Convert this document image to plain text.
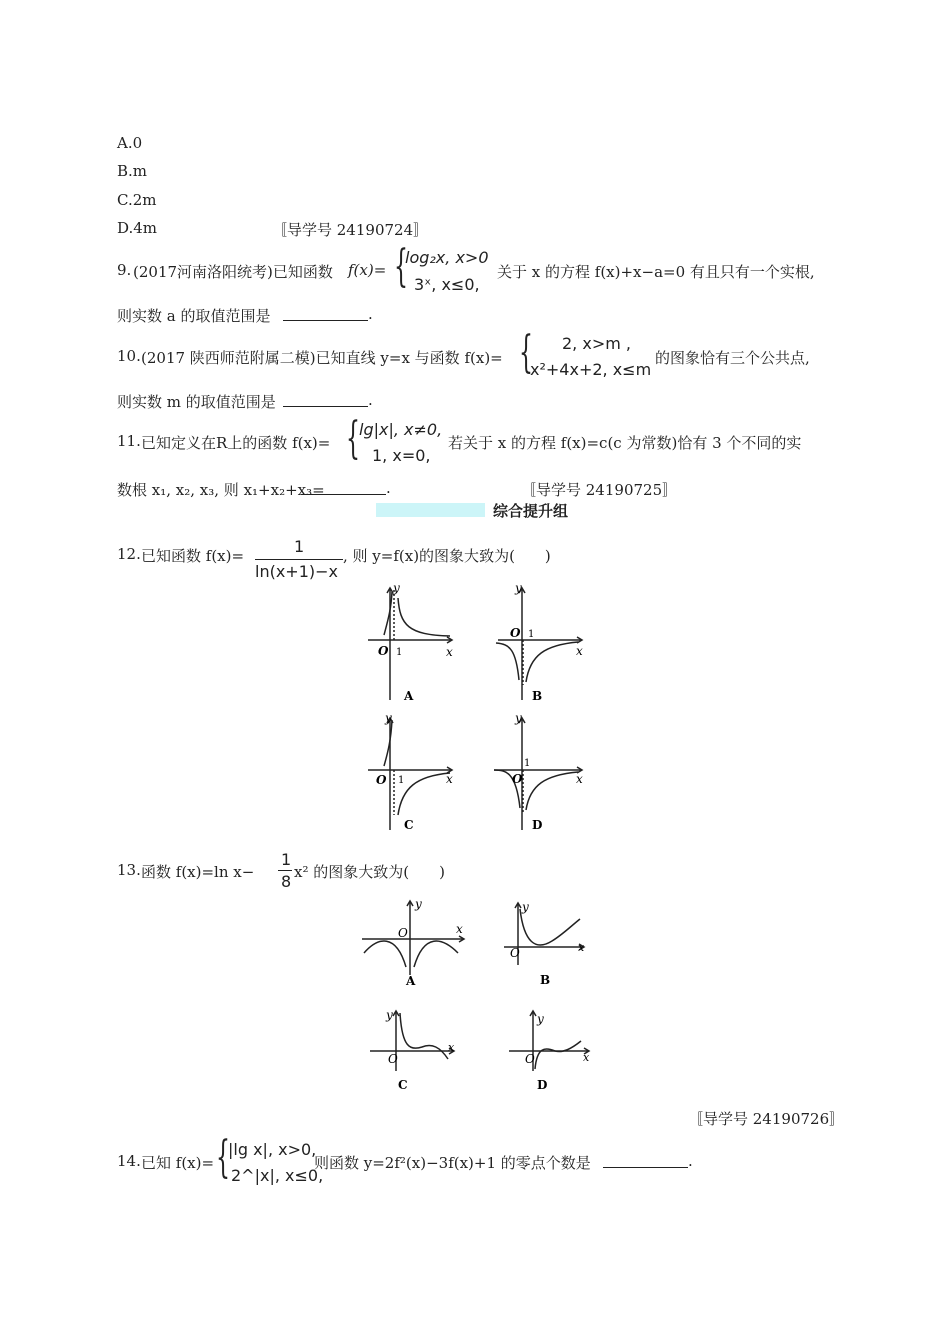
A.0
B.m
C.2m
D.4m	〚导学号 24190724〛
9. (2017河南洛阳统考)已知函数 f(x)= {
log₂x, x>0
3ˣ, x≤0,
关于 x 的方程 f(x)+x−a=0 有且只有一个实根,
则实数 a 的取值范围是	.
10. (2017 陕西师范附属二模)已知直线 y=x 与函数 f(x)= { 2, x>m ,
x²+4x+2, x≤m
的图象恰有三个公共点,
则实数 m 的取值范围是	.
11. 已知定义在R上的函数 f(x)= { lg|x|, x≠0,
1, x=0,
若关于 x 的方程 f(x)=c(c 为常数)恰有 3 个不同的实
数根 x₁, x₂, x₃, 则 x₁+x₂+x₃=	.	〚导学号 24190725〛
综合提升组
12. 已知函数 f(x)=	1
ln(x+1)−x
, 则 y=f(x)的图象大致为(　　)
y
x
O 1
A
y
x
O 1
B
y
x
O 1
C
y
x
O
1
D
13. 函数 f(x)=ln x−
1
8 x² 的图象大致为(　　)
y
x
O
A
y
x
O
B
y
x
O
C
y
x
O
D
〚导学号 24190726〛
14. 已知 f(x)= {
|lg x|, x>0,
2^|x|, x≤0,
则函数 y=2f²(x)−3f(x)+1 的零点个数是	.
